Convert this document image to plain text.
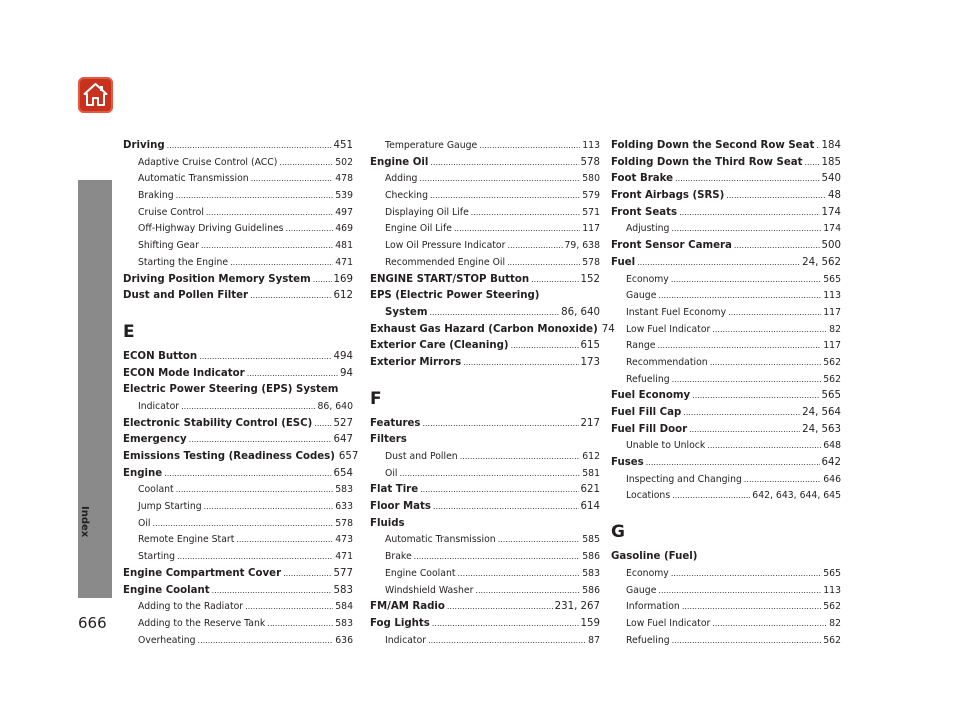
Index
666
Driving .....	451
Adaptive Cruise Control (ACC) .....	502
Automatic Transmission .....	478
Braking .....	539
Cruise Control .....	497
Off-Highway Driving Guidelines .....	469
Shifting Gear .....	481
Starting the Engine .....	471
Driving Position Memory System ..... 169
Dust and Pollen Filter .....	612
E
ECON Button .....	494
ECON Mode Indicator .....	94
Electric Power Steering (EPS) System
Indicator .....	86, 640
Electronic Stability Control (ESC) ..... 527
Emergency .....	647
Emissions Testing (Readiness Codes) 657
Engine .....	654
Coolant .....	583
Jump Starting .....	633
Oil .....	578
Remote Engine Start .....	473
Starting .....	471
Engine Compartment Cover .....	577
Engine Coolant .....	583
Adding to the Radiator .....	584
Adding to the Reserve Tank .....	583
Overheating .....	636
Temperature Gauge .....	113
Engine Oil .....	578
Adding .....	580
Checking .....	579
Displaying Oil Life .....	571
Engine Oil Life .....	117
Low Oil Pressure Indicator .....	79, 638
Recommended Engine Oil .....	578
ENGINE START/STOP Button .....	152
EPS (Electric Power Steering)
System .....	86, 640
Exhaust Gas Hazard (Carbon Monoxide) 74
Exterior Care (Cleaning) .....	615
Exterior Mirrors .....	173
F
Features .....	217
Filters
Dust and Pollen .....	612
Oil .....	581
Flat Tire .....	621
Floor Mats .....	614
Fluids
Automatic Transmission .....	585
Brake .....	586
Engine Coolant .....	583
Windshield Washer .....	586
FM/AM Radio .....	231, 267
Fog Lights .....	159
Indicator .....	87
Folding Down the Second Row Seat ..... 184
Folding Down the Third Row Seat ..... 185
Foot Brake .....	540
Front Airbags (SRS) .....	48
Front Seats .....	174
Adjusting .....	174
Front Sensor Camera .....	500
Fuel .....	24, 562
Economy .....	565
Gauge .....	113
Instant Fuel Economy .....	117
Low Fuel Indicator .....	82
Range .....	117
Recommendation .....	562
Refueling .....	562
Fuel Economy .....	565
Fuel Fill Cap .....	24, 564
Fuel Fill Door .....	24, 563
Unable to Unlock .....	648
Fuses .....	642
Inspecting and Changing .....	646
Locations .....	642, 643, 644, 645
G
Gasoline (Fuel)
Economy .....	565
Gauge .....	113
Information .....	562
Low Fuel Indicator .....	82
Refueling .....	562
